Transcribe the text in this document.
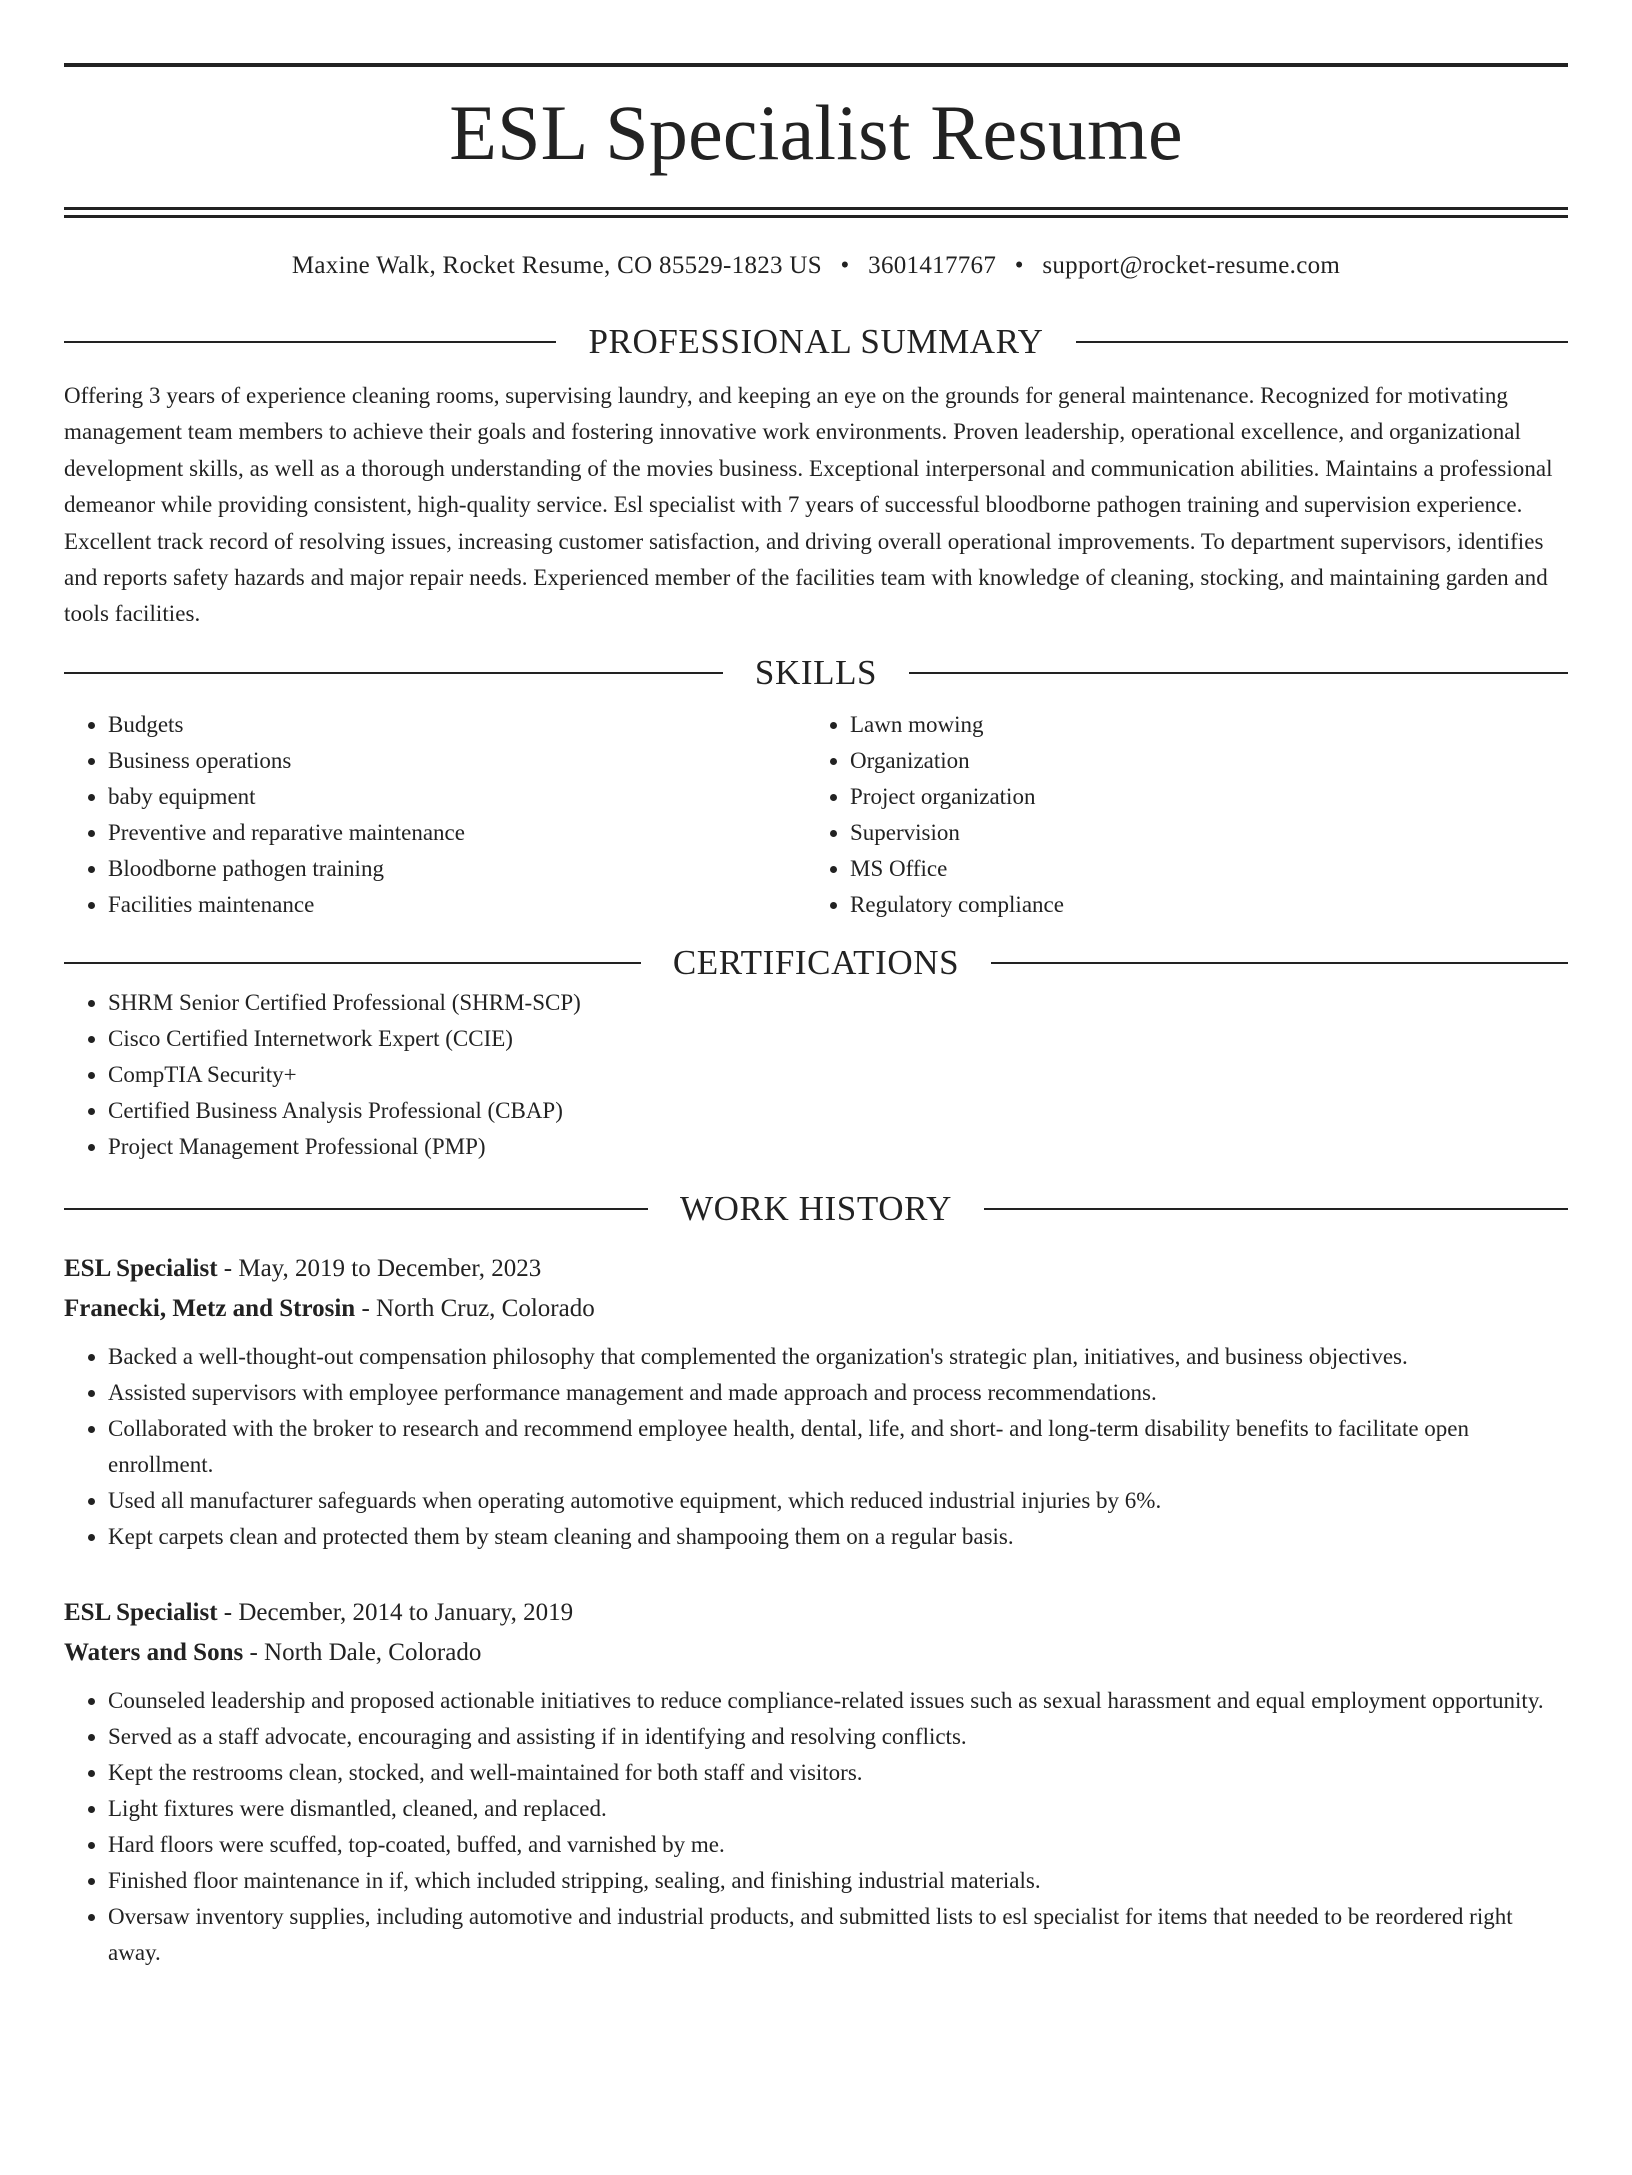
ESL Specialist Resume
Maxine Walk, Rocket Resume, CO 85529-1823 US • 3601417767 • support@rocket-resume.com
PROFESSIONAL SUMMARY

Offering 3 years of experience cleaning rooms, supervising laundry, and keeping an eye on the grounds for general maintenance. Recognized for motivating management team members to achieve their goals and fostering innovative work environments. Proven leadership, operational excellence, and organizational development skills, as well as a thorough understanding of the movies business. Exceptional interpersonal and communication abilities. Maintains a professional demeanor while providing consistent, high-quality service. Esl specialist with 7 years of successful bloodborne pathogen training and supervision experience. Excellent track record of resolving issues, increasing customer satisfaction, and driving overall operational improvements. To department supervisors, identifies and reports safety hazards and major repair needs. Experienced member of the facilities team with knowledge of cleaning, stocking, and maintaining garden and tools facilities.

SKILLS
• Budgets
• Business operations
• baby equipment
• Preventive and reparative maintenance
• Bloodborne pathogen training
• Facilities maintenance
• Lawn mowing
• Organization
• Project organization
• Supervision
• MS Office
• Regulatory compliance
CERTIFICATIONS
• SHRM Senior Certified Professional (SHRM-SCP)
• Cisco Certified Internetwork Expert (CCIE)
• CompTIA Security+
• Certified Business Analysis Professional (CBAP)
• Project Management Professional (PMP)
WORK HISTORY
ESL Specialist - May, 2019 to December, 2023
Franecki, Metz and Strosin - North Cruz, Colorado
• Backed a well-thought-out compensation philosophy that complemented the organization's strategic plan, initiatives, and business objectives.
• Assisted supervisors with employee performance management and made approach and process recommendations.
• Collaborated with the broker to research and recommend employee health, dental, life, and short- and long-term disability benefits to facilitate open enrollment.
• Used all manufacturer safeguards when operating automotive equipment, which reduced industrial injuries by 6%.
• Kept carpets clean and protected them by steam cleaning and shampooing them on a regular basis.
ESL Specialist - December, 2014 to January, 2019
Waters and Sons - North Dale, Colorado
• Counseled leadership and proposed actionable initiatives to reduce compliance-related issues such as sexual harassment and equal employment opportunity.
• Served as a staff advocate, encouraging and assisting if in identifying and resolving conflicts.
• Kept the restrooms clean, stocked, and well-maintained for both staff and visitors.
• Light fixtures were dismantled, cleaned, and replaced.
• Hard floors were scuffed, top-coated, buffed, and varnished by me.
• Finished floor maintenance in if, which included stripping, sealing, and finishing industrial materials.
• Oversaw inventory supplies, including automotive and industrial products, and submitted lists to esl specialist for items that needed to be reordered right away.
